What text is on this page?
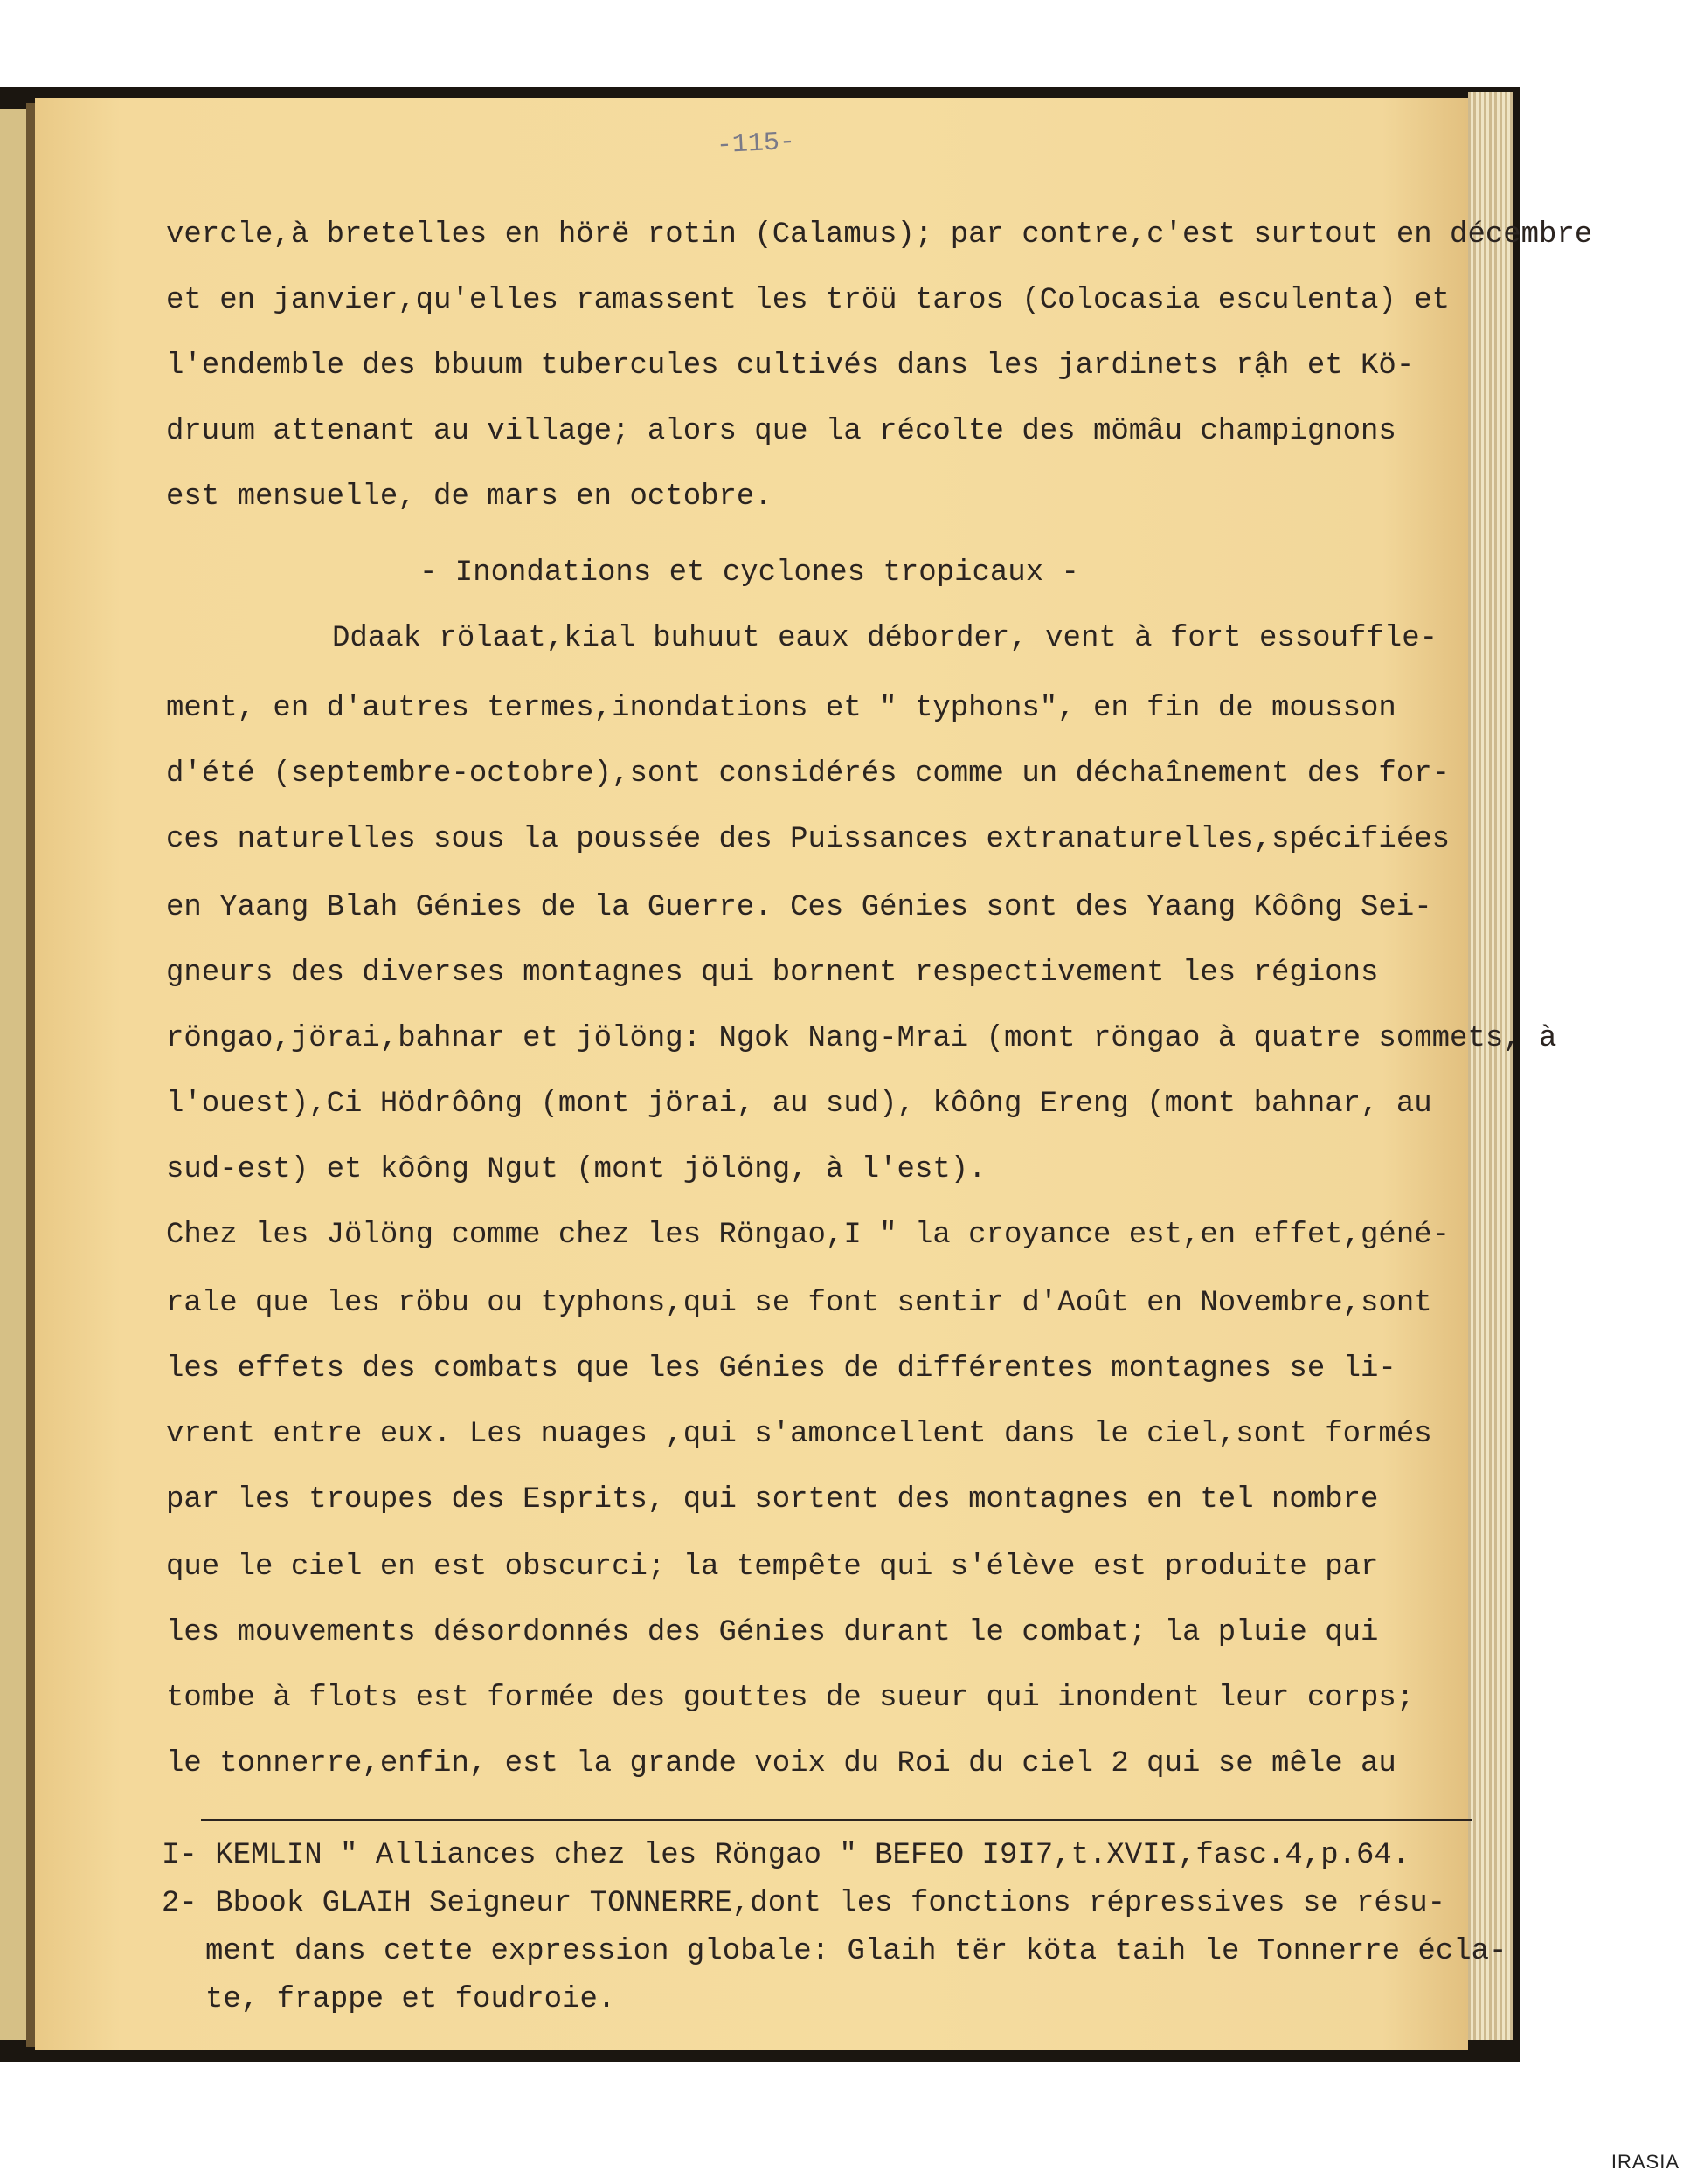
-115-
vercle,à bretelles en hörë rotin (Calamus); par contre,c'est surtout en décembre
et en janvier,qu'elles ramassent les tröü taros (Colocasia esculenta) et
l'endemble des bbuum tubercules cultivés dans les jardinets rậh et Kö-
druum attenant au village; alors que la récolte des mömâu champignons
est mensuelle, de mars en octobre.
- Inondations et cyclones tropicaux -
Ddaak rölaat,kial buhuut eaux déborder, vent à fort essouffle-
ment, en d'autres termes,inondations et " typhons", en fin de mousson
d'été (septembre-octobre),sont considérés comme un déchaînement des for-
ces naturelles sous la poussée des Puissances extranaturelles,spécifiées
en Yaang Blah Génies de la Guerre. Ces Génies sont des Yaang Kôông Sei-
gneurs des diverses montagnes qui bornent respectivement les régions
röngao,jörai,bahnar et jölöng: Ngok Nang-Mrai (mont röngao à quatre sommets, à
l'ouest),Ci Hödrôông (mont jörai, au sud), kôông Ereng (mont bahnar, au
sud-est) et kôông Ngut (mont jölöng, à l'est).
Chez les Jölöng comme chez les Röngao,I " la croyance est,en effet,géné-
rale que les röbu ou typhons,qui se font sentir d'Août en Novembre,sont
les effets des combats que les Génies de différentes montagnes se li-
vrent entre eux. Les nuages ,qui s'amoncellent dans le ciel,sont formés
par les troupes des Esprits, qui sortent des montagnes en tel nombre
que le ciel en est obscurci; la tempête qui s'élève est produite par
les mouvements désordonnés des Génies durant le combat; la pluie qui
tombe à flots est formée des gouttes de sueur qui inondent leur corps;
le tonnerre,enfin, est la grande voix du Roi du ciel 2 qui se mêle au
I- KEMLIN " Alliances chez les Röngao " BEFEO I9I7,t.XVII,fasc.4,p.64.
2- Bbook GLAIH Seigneur TONNERRE,dont les fonctions répressives se résu-
ment dans cette expression globale: Glaih tër köta taih le Tonnerre écla-
te, frappe et foudroie.
IRASIA
